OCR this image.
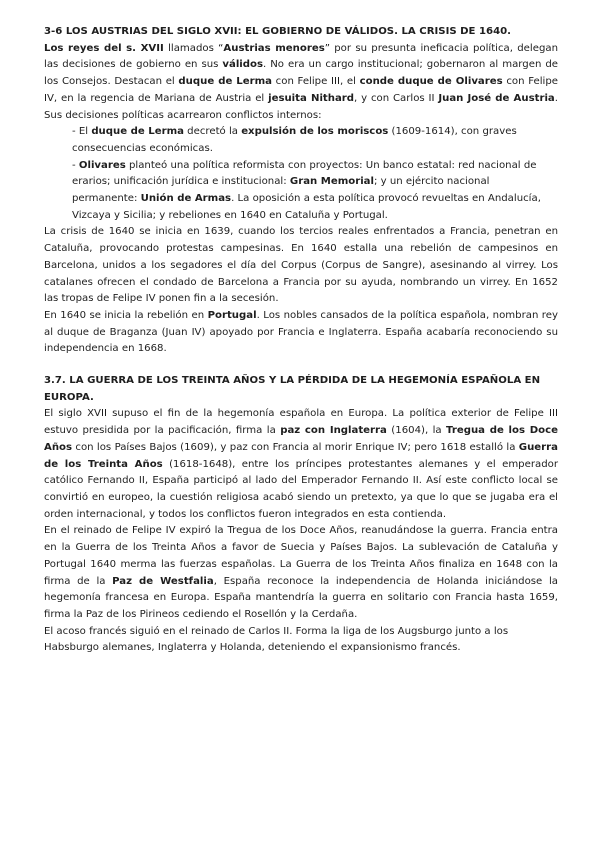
3-6 LOS AUSTRIAS DEL SIGLO XVII: EL GOBIERNO DE VÁLIDOS. LA CRISIS DE 1640.

Los reyes del s. XVII llamados “Austrias menores” por su presunta ineficacia política, delegan las decisiones de gobierno en sus válidos. No era un cargo institucional; gobernaron al margen de los Consejos. Destacan el duque de Lerma con Felipe III, el conde duque de Olivares con Felipe IV, en la regencia de Mariana de Austria el jesuita Nithard, y con Carlos II Juan José de Austria. Sus decisiones políticas acarrearon conflictos internos:

- El duque de Lerma decretó la expulsión de los moriscos (1609-1614), con graves consecuencias económicas.

- Olivares planteó una política reformista con proyectos: Un banco estatal: red nacional de erarios; unificación jurídica e institucional: Gran Memorial; y un ejército nacional permanente: Unión de Armas. La oposición a esta política provocó revueltas en Andalucía, Vizcaya y Sicilia; y rebeliones en 1640 en Cataluña y Portugal.

La crisis de 1640 se inicia en 1639, cuando los tercios reales enfrentados a Francia, penetran en Cataluña, provocando protestas campesinas. En 1640 estalla una rebelión de campesinos en Barcelona, unidos a los segadores el día del Corpus (Corpus de Sangre), asesinando al virrey. Los catalanes ofrecen el condado de Barcelona a Francia por su ayuda, nombrando un virrey. En 1652 las tropas de Felipe IV ponen fin a la secesión.

En 1640 se inicia la rebelión en Portugal. Los nobles cansados de la política española, nombran rey al duque de Braganza (Juan IV) apoyado por Francia e Inglaterra. España acabaría reconociendo su independencia en 1668.

3.7. LA GUERRA DE LOS TREINTA AÑOS Y LA PÉRDIDA DE LA HEGEMONÍA ESPAÑOLA EN EUROPA.

El siglo XVII supuso el fin de la hegemonía española en Europa. La política exterior de Felipe III estuvo presidida por la pacificación, firma la paz con Inglaterra (1604), la Tregua de los Doce Años con los Países Bajos (1609), y paz con Francia al morir Enrique IV; pero 1618 estalló la Guerra de los Treinta Años (1618-1648), entre los príncipes protestantes alemanes y el emperador católico Fernando II, España participó al lado del Emperador Fernando II. Así este conflicto local se convirtió en europeo, la cuestión religiosa acabó siendo un pretexto, ya que lo que se jugaba era el orden internacional, y todos los conflictos fueron integrados en esta contienda.

En el reinado de Felipe IV expiró la Tregua de los Doce Años, reanudándose la guerra. Francia entra en la Guerra de los Treinta Años a favor de Suecia y Países Bajos. La sublevación de Cataluña y Portugal 1640 merma las fuerzas españolas. La Guerra de los Treinta Años finaliza en 1648 con la firma de la Paz de Westfalia, España reconoce la independencia de Holanda iniciándose la hegemonía francesa en Europa. España mantendría la guerra en solitario con Francia hasta 1659, firma la Paz de los Pirineos cediendo el Rosellón y la Cerdaña.

El acoso francés siguió en el reinado de Carlos II. Forma la liga de los Augsburgo junto a los Habsburgo alemanes, Inglaterra y Holanda, deteniendo el expansionismo francés.
